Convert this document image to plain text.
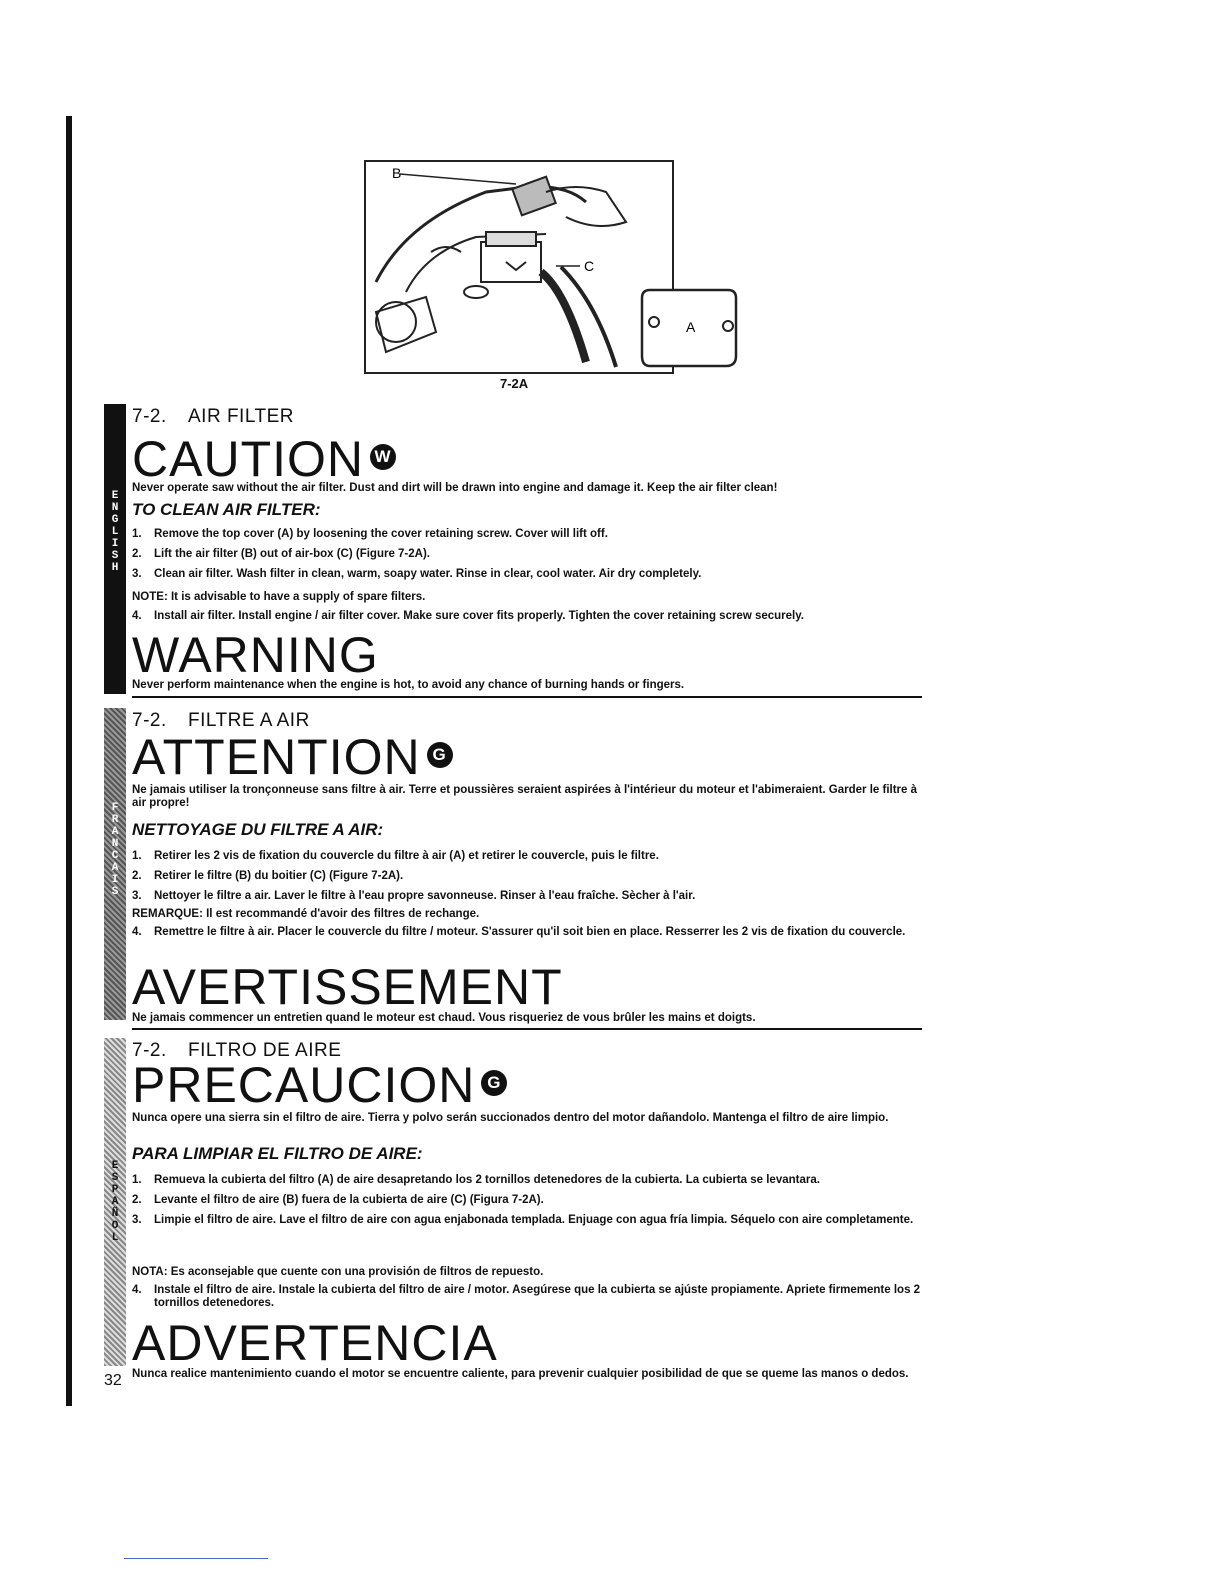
B
C
A
7-2A
E
N
G
L
I
S
H
7-2. AIR FILTER
CAUTION W
Never operate saw without the air filter. Dust and dirt will be drawn into engine and damage it. Keep the air filter clean!
TO CLEAN AIR FILTER:
1. Remove the top cover (A) by loosening the cover retaining screw. Cover will lift off.
2. Lift the air filter (B) out of air-box (C) (Figure 7-2A).
3. Clean air filter. Wash filter in clean, warm, soapy water. Rinse in clear, cool water. Air dry completely.
NOTE: It is advisable to have a supply of spare filters.
4. Install air filter. Install engine / air filter cover. Make sure cover fits properly. Tighten the cover retaining screw securely.
WARNING
Never perform maintenance when the engine is hot, to avoid any chance of burning hands or fingers.
F
R
A
N
C
A
I
S
7-2. FILTRE A AIR
ATTENTION G
Ne jamais utiliser la tronçonneuse sans filtre à air. Terre et poussières seraient aspirées à l'intérieur du moteur et l'abimeraient. Garder le filtre à air propre!
NETTOYAGE DU FILTRE A AIR:
1. Retirer les 2 vis de fixation du couvercle du filtre à air (A) et retirer le couvercle, puis le filtre.
2. Retirer le filtre (B) du boitier (C) (Figure 7-2A).
3. Nettoyer le filtre a air. Laver le filtre à l'eau propre savonneuse. Rinser à l'eau fraîche. Sècher à l'air.
REMARQUE: Il est recommandé d'avoir des filtres de rechange.
4. Remettre le filtre à air. Placer le couvercle du filtre / moteur. S'assurer qu'il soit bien en place. Resserrer les 2 vis de fixation du couvercle.
AVERTISSEMENT
Ne jamais commencer un entretien quand le moteur est chaud. Vous risqueriez de vous brûler les mains et doigts.
E
S
P
A
Ñ
O
L
7-2. FILTRO DE AIRE
PRECAUCION G
Nunca opere una sierra sin el filtro de aire. Tierra y polvo serán succionados dentro del motor dañandolo. Mantenga el filtro de aire limpio.
PARA LIMPIAR EL FILTRO DE AIRE:
1. Remueva la cubierta del filtro (A) de aire desapretando los 2 tornillos detenedores de la cubierta. La cubierta se levantara.
2. Levante el filtro de aire (B) fuera de la cubierta de aire (C) (Figura 7-2A).
3. Limpie el filtro de aire. Lave el filtro de aire con agua enjabonada templada. Enjuage con agua fría limpia. Séquelo con aire completamente.
NOTA: Es aconsejable que cuente con una provisión de filtros de repuesto.
4. Instale el filtro de aire. Instale la cubierta del filtro de aire / motor. Asegúrese que la cubierta se ajúste propiamente. Apriete firmemente los 2 tornillos detenedores.
ADVERTENCIA
Nunca realice mantenimiento cuando el motor se encuentre caliente, para prevenir cualquier posibilidad de que se queme las manos o dedos.
32
